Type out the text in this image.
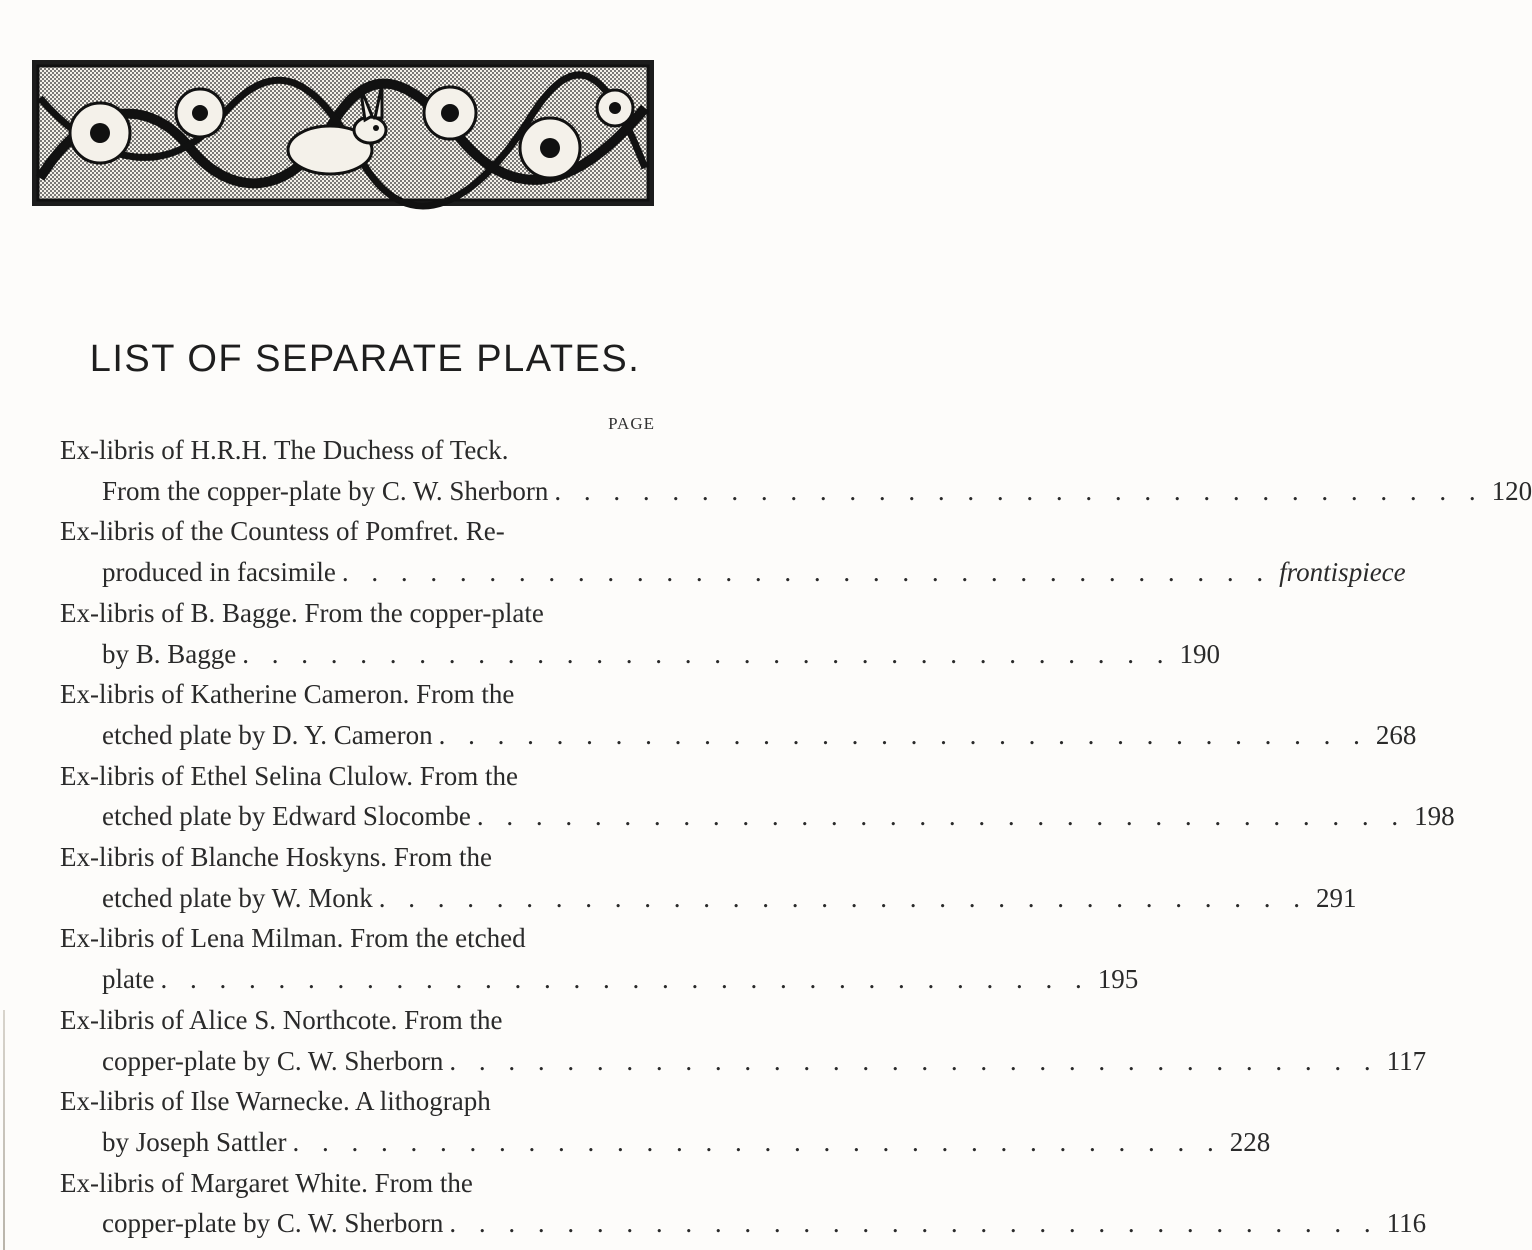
LIST OF SEPARATE PLATES.
PAGE
Ex-libris of H.R.H. The Duchess of Teck.
From the copper-plate by C. W. Sherborn . . . . . . . . . . . . . . . . . . . . . . . . . . . . . . . . 120
Ex-libris of the Countess of Pomfret. Re-
produced in facsimile . . . . . . . . . . . . . . . . . . . . . . . . . . . . . . . . frontispiece
Ex-libris of B. Bagge. From the copper-plate
by B. Bagge . . . . . . . . . . . . . . . . . . . . . . . . . . . . . . . . 190
Ex-libris of Katherine Cameron. From the
etched plate by D. Y. Cameron . . . . . . . . . . . . . . . . . . . . . . . . . . . . . . . . 268
Ex-libris of Ethel Selina Clulow. From the
etched plate by Edward Slocombe . . . . . . . . . . . . . . . . . . . . . . . . . . . . . . . . 198
Ex-libris of Blanche Hoskyns. From the
etched plate by W. Monk . . . . . . . . . . . . . . . . . . . . . . . . . . . . . . . . 291
Ex-libris of Lena Milman. From the etched
plate . . . . . . . . . . . . . . . . . . . . . . . . . . . . . . . . 195
Ex-libris of Alice S. Northcote. From the
copper-plate by C. W. Sherborn . . . . . . . . . . . . . . . . . . . . . . . . . . . . . . . . 117
Ex-libris of Ilse Warnecke. A lithograph
by Joseph Sattler . . . . . . . . . . . . . . . . . . . . . . . . . . . . . . . . 228
Ex-libris of Margaret White. From the
copper-plate by C. W. Sherborn . . . . . . . . . . . . . . . . . . . . . . . . . . . . . . . . 116
